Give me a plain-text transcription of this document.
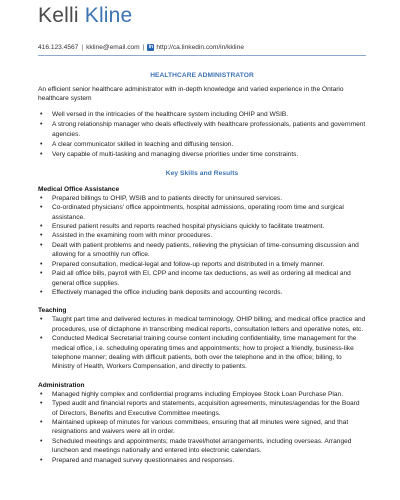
Kelli Kline
416.123.4567 | kkline@email.com | in http://ca.linkedin.com/in/kkline
HEALTHCARE ADMINISTRATOR

An efficient senior healthcare administrator with in-depth knowledge and varied experience in the Ontario healthcare system

• Well versed in the intricacies of the healthcare system including OHIP and WSIB.
• A strong relationship manager who deals effectively with healthcare professionals, patients and government agencies.
• A clear communicator skilled in teaching and diffusing tension.
• Very capable of multi-tasking and managing diverse priorities under time constraints.
Key Skills and Results
Medical Office Assistance
• Prepared billings to OHIP, WSIB and to patients directly for uninsured services.
• Co-ordinated physicians' office appointments, hospital admissions, operating room time and surgical assistance.
• Ensured patient results and reports reached hospital physicians quickly to facilitate treatment.
• Assisted in the examining room with minor procedures.
• Dealt with patient problems and needy patients, relieving the physician of time-consuming discussion and allowing for a smoothly run office.
• Prepared consultation, medical-legal and follow-up reports and distributed in a timely manner.
• Paid all office bills, payroll with EI, CPP and income tax deductions, as well as ordering all medical and general office supplies.
• Effectively managed the office including bank deposits and accounting records.
Teaching
• Taught part time and delivered lectures in medical terminology, OHIP billing, and medical office practice and procedures, use of dictaphone in transcribing medical reports, consultation letters and operative notes, etc.
• Conducted Medical Secretarial training course content including confidentiality, time management for the medical office, i.e. scheduling operating times and appointments; how to project a friendly, business-like telephone manner; dealing with difficult patients, both over the telephone and in the office; billing, to Ministry of Health, Workers Compensation, and directly to patients.
Administration
• Managed highly complex and confidential programs including Employee Stock Loan Purchase Plan.
• Typed audit and financial reports and statements, acquisition agreements, minutes/agendas for the Board of Directors, Benefits and Executive Committee meetings.
• Maintained upkeep of minutes for various committees, ensuring that all minutes were signed, and that resignations and waivers were all in order.
• Scheduled meetings and appointments; made travel/hotel arrangements, including overseas. Arranged luncheon and meetings nationally and entered into electronic calendars.
• Prepared and managed survey questionnaires and responses.
